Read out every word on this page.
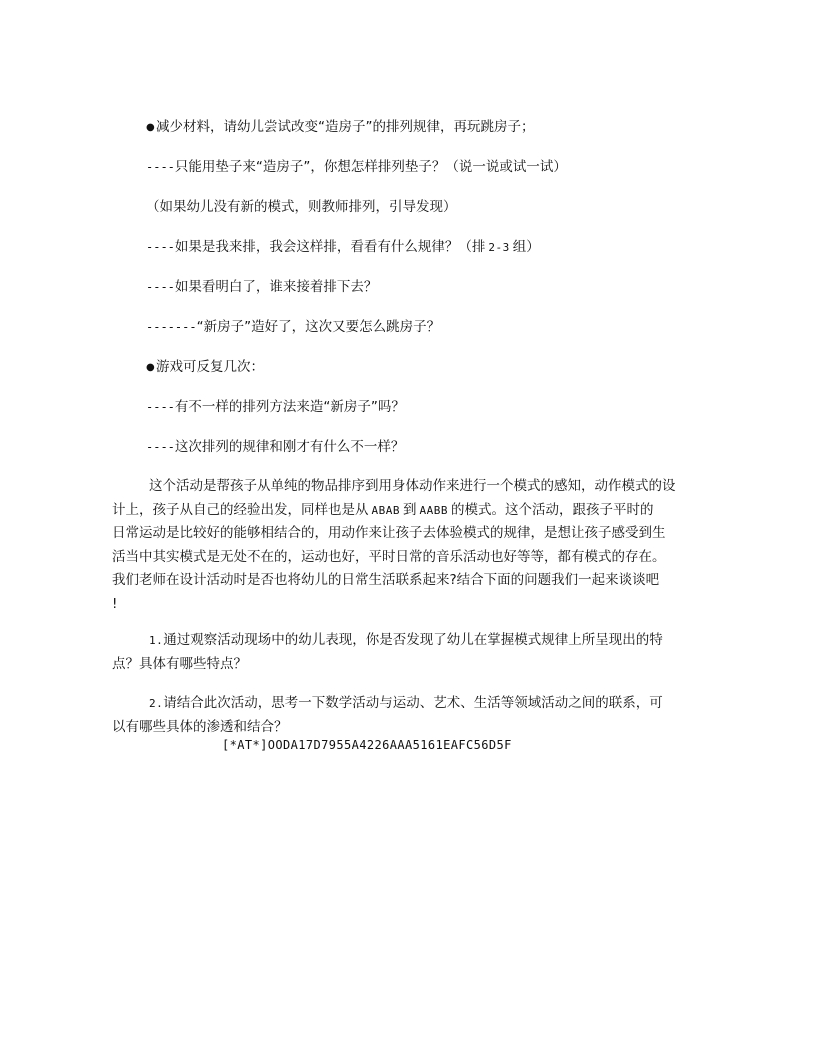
●减少材料，请幼儿尝试改变“造房子”的排列规律，再玩跳房子；
----只能用垫子来“造房子”，你想怎样排列垫子？（说一说或试一试）
（如果幼儿没有新的模式，则教师排列，引导发现）
----如果是我来排，我会这样排，看看有什么规律？（排 2-3 组）
----如果看明白了，谁来接着排下去？
-------“新房子”造好了，这次又要怎么跳房子？
●游戏可反复几次：
----有不一样的排列方法来造“新房子”吗？
----这次排列的规律和刚才有什么不一样？

这个活动是帮孩子从单纯的物品排序到用身体动作来进行一个模式的感知，动作模式的设

计上，孩子从自己的经验出发，同样也是从 ABAB 到 AABB 的模式。这个活动，跟孩子平时的

日常运动是比较好的能够相结合的，用动作来让孩子去体验模式的规律，是想让孩子感受到生

活当中其实模式是无处不在的，运动也好，平时日常的音乐活动也好等等，都有模式的存在。

我们老师在设计活动时是否也将幼儿的日常生活联系起来?结合下面的问题我们一起来谈谈吧

!

1.通过观察活动现场中的幼儿表现，你是否发现了幼儿在掌握模式规律上所呈现出的特

点？具体有哪些特点？

2.请结合此次活动，思考一下数学活动与运动、艺术、生活等领域活动之间的联系，可

以有哪些具体的渗透和结合？

[*AT*]OODA17D7955A4226AAA5161EAFC56D5F
